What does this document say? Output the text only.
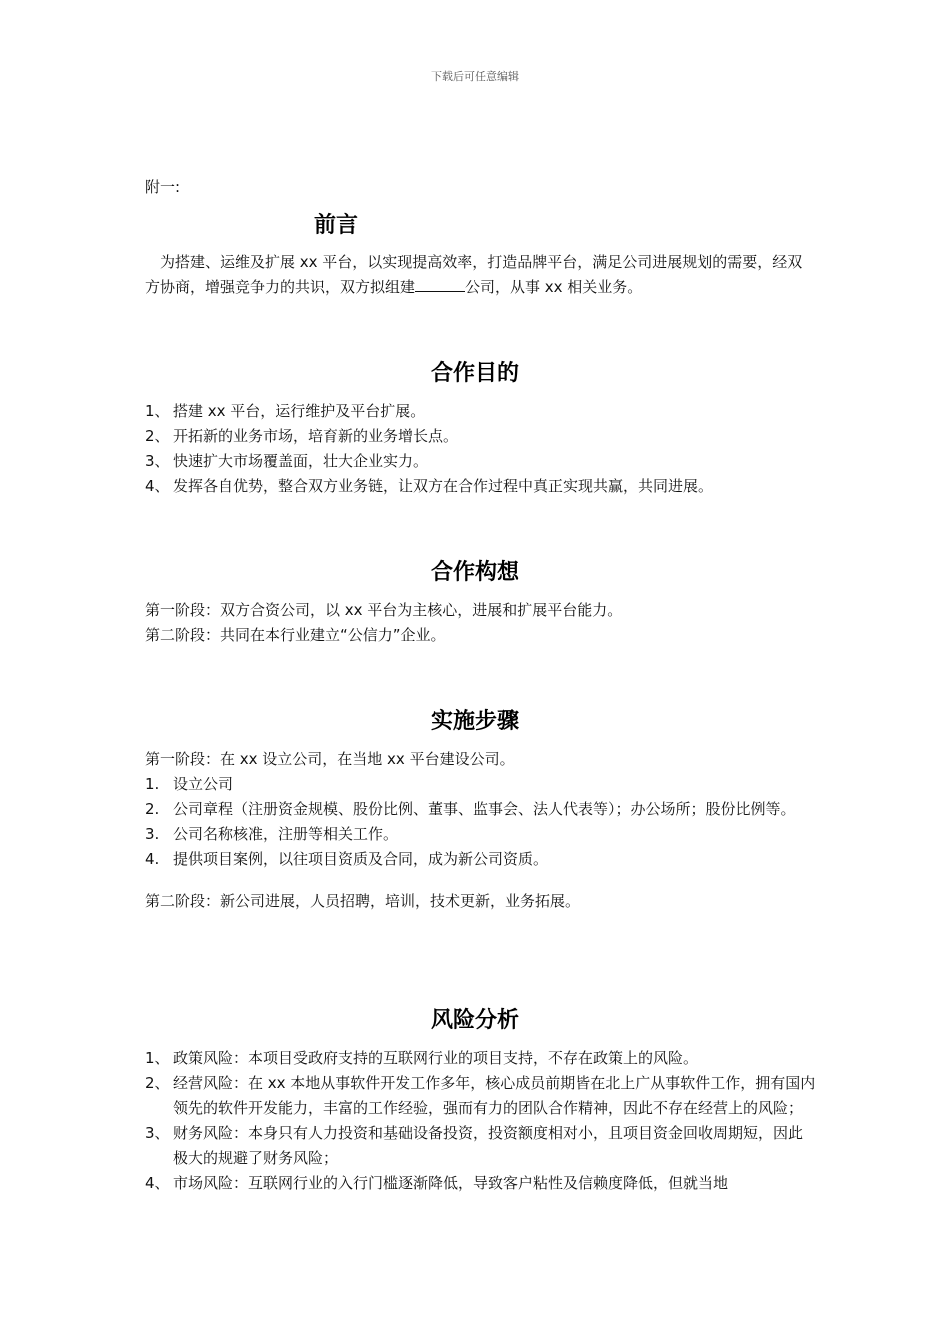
下载后可任意编辑
附一:
前言
为搭建、运维及扩展 xx 平台，以实现提高效率，打造品牌平台，满足公司进展规划的需要，经双方协商，增强竞争力的共识，双方拟组建	公司，从事 xx 相关业务。
合作目的
1、 搭建 xx 平台，运行维护及平台扩展。
2、 开拓新的业务市场，培育新的业务增长点。
3、 快速扩大市场覆盖面，壮大企业实力。
4、 发挥各自优势，整合双方业务链，让双方在合作过程中真正实现共赢，共同进展。
合作构想
第一阶段：双方合资公司，以 xx 平台为主核心，进展和扩展平台能力。
第二阶段：共同在本行业建立“公信力”企业。
实施步骤
第一阶段：在 xx 设立公司，在当地 xx 平台建设公司。
1. 设立公司
2. 公司章程（注册资金规模、股份比例、董事、监事会、法人代表等）；办公场所；股份比例等。
3. 公司名称核准，注册等相关工作。
4. 提供项目案例，以往项目资质及合同，成为新公司资质。
第二阶段：新公司进展，人员招聘，培训，技术更新，业务拓展。
风险分析
1、 政策风险：本项目受政府支持的互联网行业的项目支持，不存在政策上的风险。
2、 经营风险：在 xx 本地从事软件开发工作多年，核心成员前期皆在北上广从事软件工作，拥有国内领先的软件开发能力，丰富的工作经验，强而有力的团队合作精神，因此不存在经营上的风险；
3、 财务风险：本身只有人力投资和基础设备投资，投资额度相对小，且项目资金回收周期短，因此极大的规避了财务风险；
4、 市场风险：互联网行业的入行门槛逐渐降低，导致客户粘性及信赖度降低，但就当地
